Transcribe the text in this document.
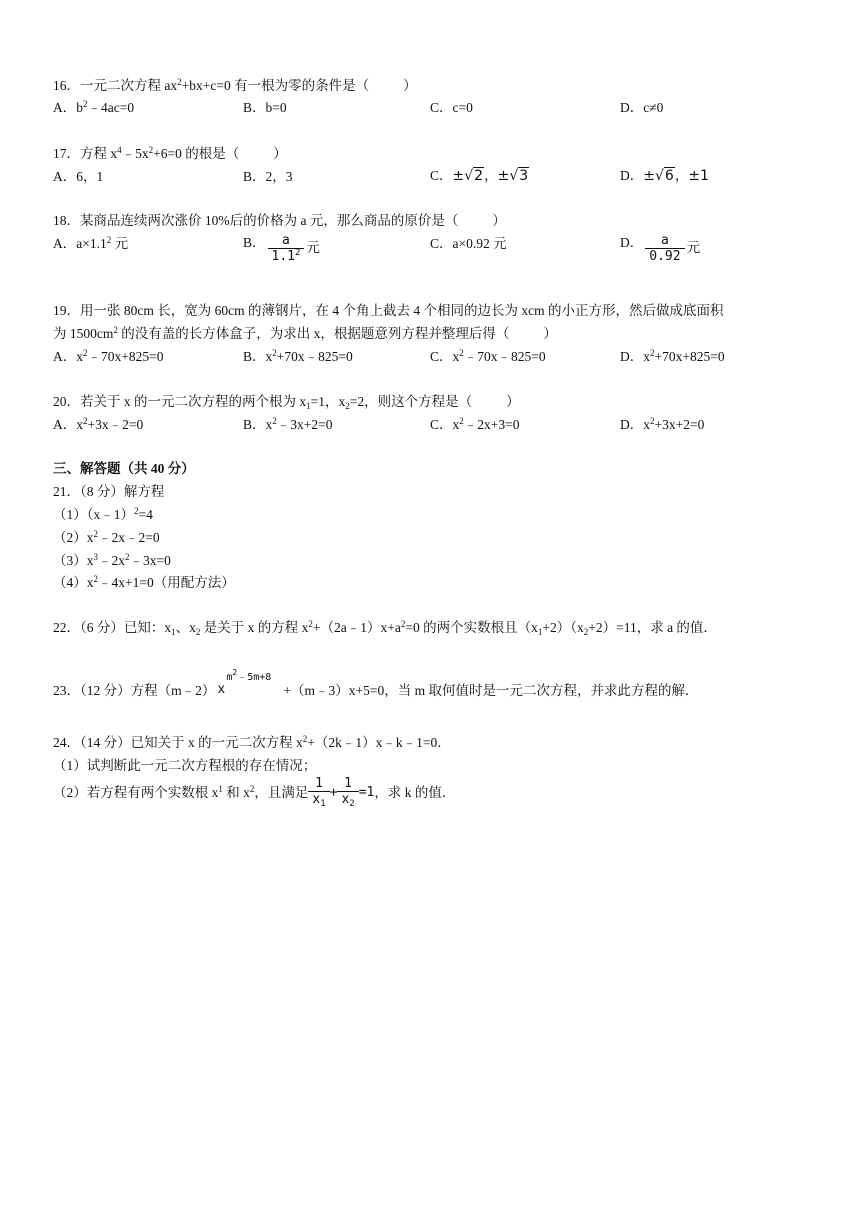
16．一元二次方程 $ax^2+bx+c=0$ 有一根为零的条件是（	）
A．$b^2﹣4ac=0$	B．b=0	C．c=0	D．c≠0
17．方程 $x^4﹣5x^2+6=0$ 的根是（	）
A．6，1	B．2，3	C．±√2，±√3	D．±√6，±1
18．某商品连续两次涨价 10%后的价格为 a 元，那么商品的原价是（	）
A．$a\times 1.1^2$ 元	B． $\frac{a}{1.1^2}$ 元	C．a×0.92 元	D． $\frac{a}{0.92}$ 元
19．用一张 80cm 长，宽为 60cm 的薄钢片，在 4 个角上截去 4 个相同的边长为 xcm 的小正方形，然后做成底面积
为 $1500cm^2$ 的没有盖的长方体盒子，为求出 x，根据题意列方程并整理后得（	）
A．$x^2﹣70x+825=0$	B．$x^2+70x﹣825=0$	C．$x^2﹣70x﹣825=0$	D．$x^2+70x+825=0$
20．若关于 x 的一元二次方程的两个根为 $x_1=1$，$x_2=2$，则这个方程是（	）
A．$x^2+3x﹣2=0$	B．$x^2﹣3x+2=0$	C．$x^2﹣2x+3=0$	D．$x^2+3x+2=0$
三、解答题（共 40 分）
21．（8 分）解方程
（1）（x﹣1）$^2$=4
$(2)x^2﹣2x﹣2=0$
$(3)x^3﹣2x^2﹣3x=0$
$(4)x^2﹣4x+1=0$（用配方法）
22．（6 分）已知：$x_1$、$x_2$ 是关于 x 的方程 $x^2+(2a﹣1)x+a^2=0$ 的两个实数根且$(x_1+2)(x_2+2)=11$，求 a 的值．
23．（12 分）方程（m﹣2） x
$m^2﹣5m+8$
+（m﹣3）x+5=0，当 m 取何值时是一元二次方程，并求此方程的解．
24．（14 分）已知关于 x 的一元二次方程 $x^2+(2k﹣1)x﹣k﹣1=0$．
（1）试判断此一元二次方程根的存在情况；
（2）若方程有两个实数根 $x_1$ 和 $x_2$，且满足 $\frac{1}{x_1} + \frac{1}{x_2} =1$，求 k 的值．
